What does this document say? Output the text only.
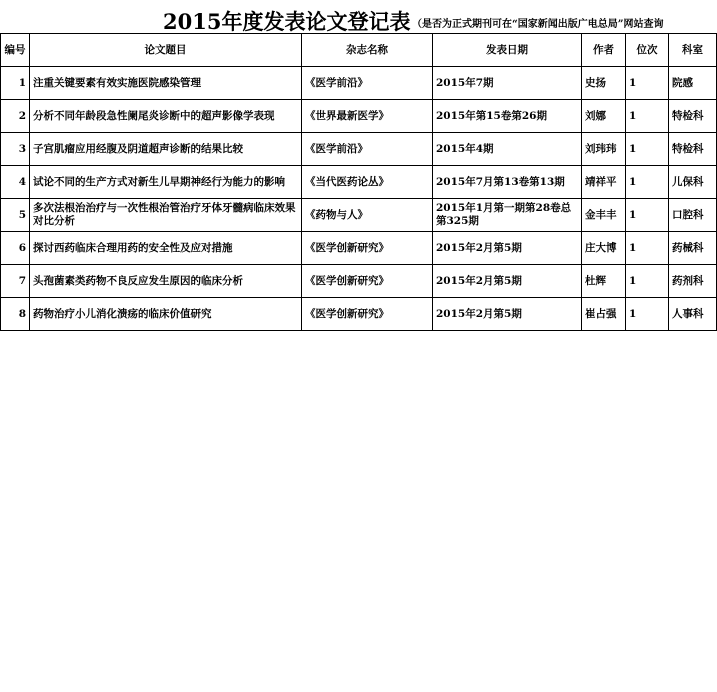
2015年度发表论文登记表 （是否为正式期刊可在“国家新闻出版广电总局”网站查询
编号	论文题目	杂志名称	发表日期	作者	位次	科室
1	注重关键要素有效实施医院感染管理	《医学前沿》	2015年7期	史扬	1	院感
2	分析不同年龄段急性阑尾炎诊断中的超声影像学表现	《世界最新医学》	2015年第15卷第26期	刘娜	1	特检科
3	子宫肌瘤应用经腹及阴道超声诊断的结果比较	《医学前沿》	2015年4期	刘玮玮	1	特检科
4	试论不同的生产方式对新生儿早期神经行为能力的影响	《当代医药论丛》	2015年7月第13卷第13期	靖祥平	1	儿保科
5	多次法根治治疗与一次性根治管治疗牙体牙髓病临床效果对比分析	《药物与人》	2015年1月第一期第28卷总第325期	金丰丰	1	口腔科
6	探讨西药临床合理用药的安全性及应对措施	《医学创新研究》	2015年2月第5期	庄大博	1	药械科
7	头孢菌素类药物不良反应发生原因的临床分析	《医学创新研究》	2015年2月第5期	杜辉	1	药剂科
8	药物治疗小儿消化溃疡的临床价值研究	《医学创新研究》	2015年2月第5期	崔占强	1	人事科
